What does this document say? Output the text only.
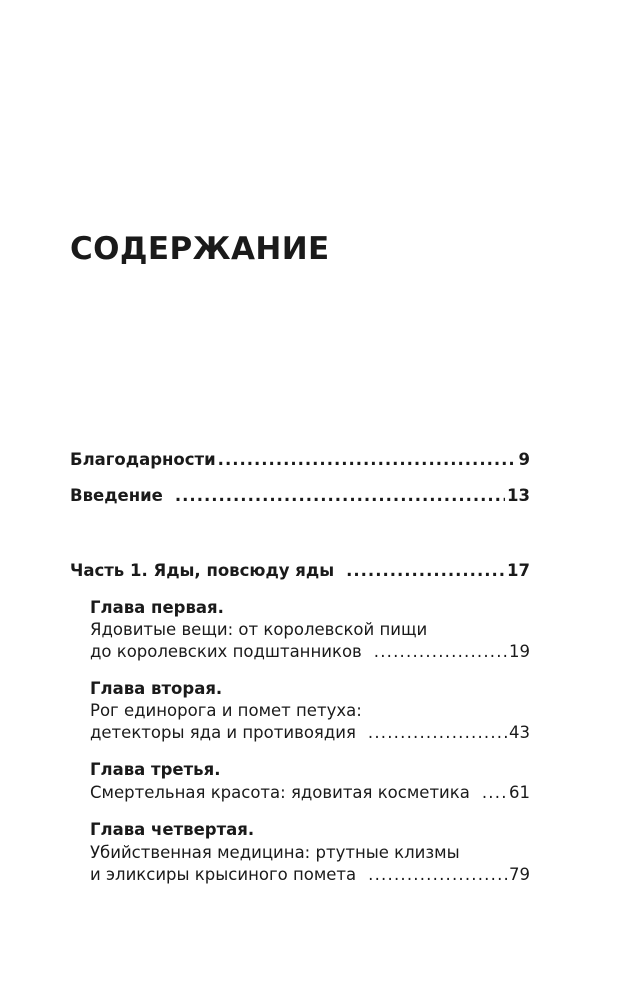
СОДЕРЖАНИЕ
Благодарности .....	9
Введение .....	13
Часть 1. Яды, повсюду яды .....	17
Глава первая.
Ядовитые вещи: от королевской пищи
до королевских подштанников .....	19
Глава вторая.
Рог единорога и помет петуха:
детекторы яда и противоядия .....	43
Глава третья.
Смертельная красота: ядовитая косметика ..... 61
Глава четвертая.
Убийственная медицина: ртутные клизмы
и эликсиры крысиного помета .....	79
